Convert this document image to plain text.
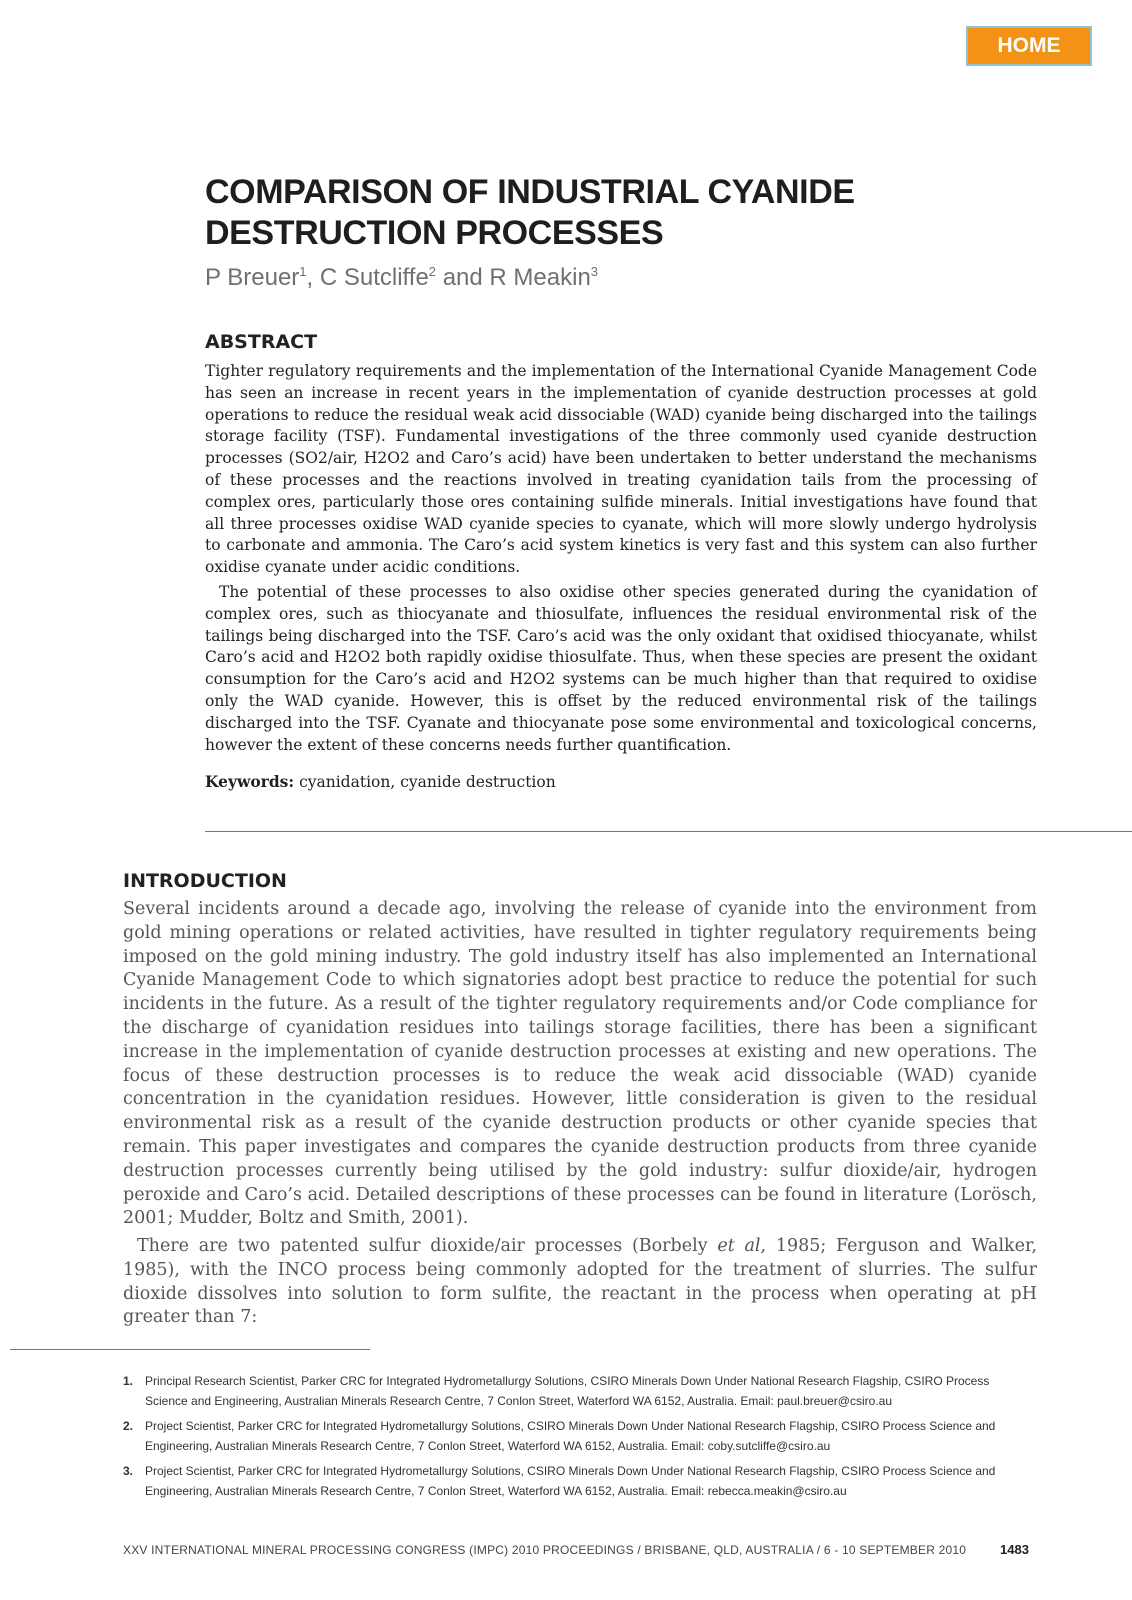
HOME
COMPARISON OF INDUSTRIAL CYANIDE DESTRUCTION PROCESSES

P Breuer$^1$, C Sutcliffe$^2$ and R Meakin$^3$

ABSTRACT

Tighter regulatory requirements and the implementation of the International Cyanide Management Code has seen an increase in recent years in the implementation of cyanide destruction processes at gold operations to reduce the residual weak acid dissociable (WAD) cyanide being discharged into the tailings storage facility (TSF). Fundamental investigations of the three commonly used cyanide destruction processes (SO2/air, H2O2 and Caro’s acid) have been undertaken to better understand the mechanisms of these processes and the reactions involved in treating cyanidation tails from the processing of complex ores, particularly those ores containing sulfide minerals. Initial investigations have found that all three processes oxidise WAD cyanide species to cyanate, which will more slowly undergo hydrolysis to carbonate and ammonia. The Caro’s acid system kinetics is very fast and this system can also further oxidise cyanate under acidic conditions.

The potential of these processes to also oxidise other species generated during the cyanidation of complex ores, such as thiocyanate and thiosulfate, influences the residual environmental risk of the tailings being discharged into the TSF. Caro’s acid was the only oxidant that oxidised thiocyanate, whilst Caro’s acid and H2O2 both rapidly oxidise thiosulfate. Thus, when these species are present the oxidant consumption for the Caro’s acid and H2O2 systems can be much higher than that required to oxidise only the WAD cyanide. However, this is offset by the reduced environmental risk of the tailings discharged into the TSF. Cyanate and thiocyanate pose some environmental and toxicological concerns, however the extent of these concerns needs further quantification.

Keywords: cyanidation, cyanide destruction

INTRODUCTION

Several incidents around a decade ago, involving the release of cyanide into the environment from gold mining operations or related activities, have resulted in tighter regulatory requirements being imposed on the gold mining industry. The gold industry itself has also implemented an International Cyanide Management Code to which signatories adopt best practice to reduce the potential for such incidents in the future. As a result of the tighter regulatory requirements and/or Code compliance for the discharge of cyanidation residues into tailings storage facilities, there has been a significant increase in the implementation of cyanide destruction processes at existing and new operations. The focus of these destruction processes is to reduce the weak acid dissociable (WAD) cyanide concentration in the cyanidation residues. However, little consideration is given to the residual environmental risk as a result of the cyanide destruction products or other cyanide species that remain. This paper investigates and compares the cyanide destruction products from three cyanide destruction processes currently being utilised by the gold industry: sulfur dioxide/air, hydrogen peroxide and Caro’s acid. Detailed descriptions of these processes can be found in literature (Lorösch, 2001; Mudder, Boltz and Smith, 2001).

There are two patented sulfur dioxide/air processes (Borbely et al, 1985; Ferguson and Walker, 1985), with the INCO process being commonly adopted for the treatment of slurries. The sulfur dioxide dissolves into solution to form sulfite, the reactant in the process when operating at pH greater than 7:

1. Principal Research Scientist, Parker CRC for Integrated Hydrometallurgy Solutions, CSIRO Minerals Down Under National Research Flagship, CSIRO Process Science and Engineering, Australian Minerals Research Centre, 7 Conlon Street, Waterford WA 6152, Australia. Email: paul.breuer@csiro.au
2. Project Scientist, Parker CRC for Integrated Hydrometallurgy Solutions, CSIRO Minerals Down Under National Research Flagship, CSIRO Process Science and Engineering, Australian Minerals Research Centre, 7 Conlon Street, Waterford WA 6152, Australia. Email: coby.sutcliffe@csiro.au
3. Project Scientist, Parker CRC for Integrated Hydrometallurgy Solutions, CSIRO Minerals Down Under National Research Flagship, CSIRO Process Science and Engineering, Australian Minerals Research Centre, 7 Conlon Street, Waterford WA 6152, Australia. Email: rebecca.meakin@csiro.au

XXV INTERNATIONAL MINERAL PROCESSING CONGRESS (IMPC) 2010 PROCEEDINGS / BRISBANE, QLD, AUSTRALIA / 6 - 10 SEPTEMBER 2010	1483
